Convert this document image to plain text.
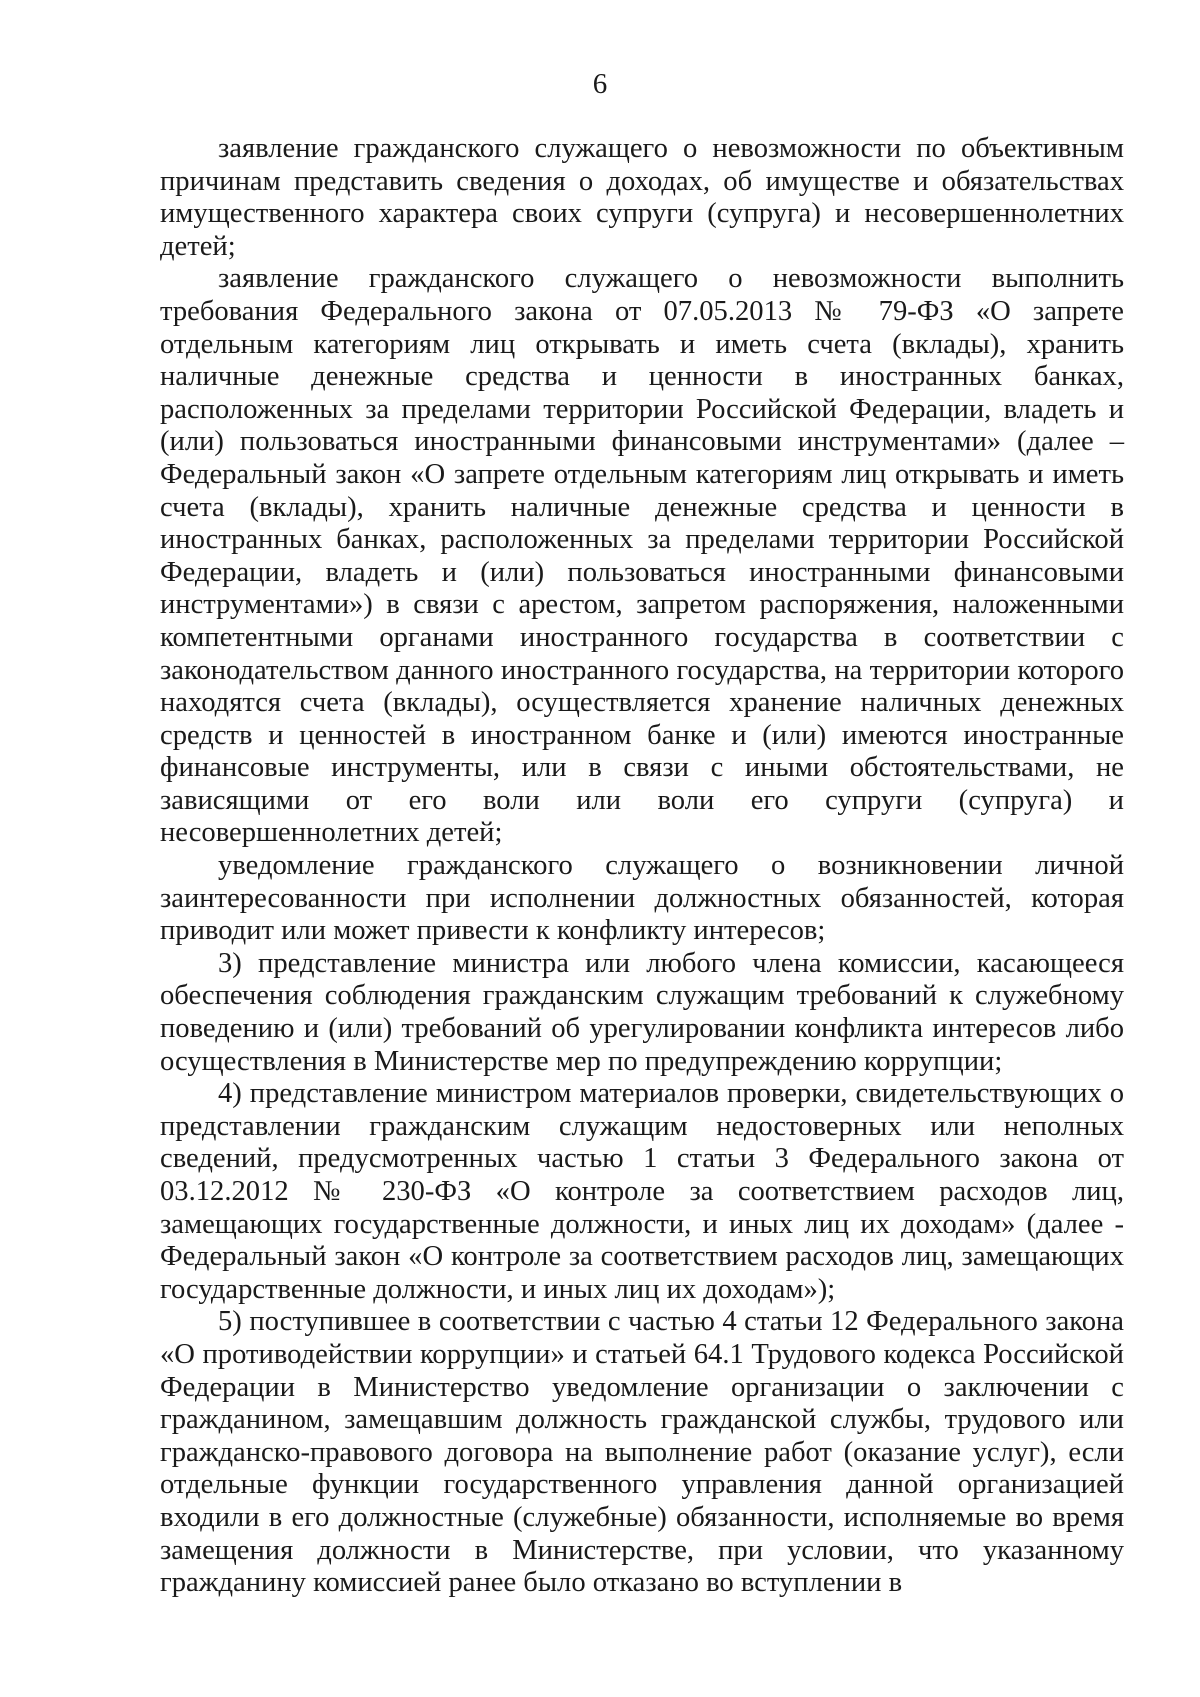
6

заявление гражданского служащего о невозможности по объективным причинам представить сведения о доходах, об имуществе и обязательствах имущественного характера своих супруги (супруга) и несовершеннолетних детей;

заявление гражданского служащего о невозможности выполнить требования Федерального закона от 07.05.2013 № 79-ФЗ «О запрете отдельным категориям лиц открывать и иметь счета (вклады), хранить наличные денежные средства и ценности в иностранных банках, расположенных за пределами территории Российской Федерации, владеть и (или) пользоваться иностранными финансовыми инструментами» (далее – Федеральный закон «О запрете отдельным категориям лиц открывать и иметь счета (вклады), хранить наличные денежные средства и ценности в иностранных банках, расположенных за пределами территории Российской Федерации, владеть и (или) пользоваться иностранными финансовыми инструментами») в связи с арестом, запретом распоряжения, наложенными компетентными органами иностранного государства в соответствии с законодательством данного иностранного государства, на территории которого находятся счета (вклады), осуществляется хранение наличных денежных средств и ценностей в иностранном банке и (или) имеются иностранные финансовые инструменты, или в связи с иными обстоятельствами, не зависящими от его воли или воли его супруги (супруга) и несовершеннолетних детей;

уведомление гражданского служащего о возникновении личной заинтересованности при исполнении должностных обязанностей, которая приводит или может привести к конфликту интересов;

3) представление министра или любого члена комиссии, касающееся обеспечения соблюдения гражданским служащим требований к служебному поведению и (или) требований об урегулировании конфликта интересов либо осуществления в Министерстве мер по предупреждению коррупции;

4) представление министром материалов проверки, свидетельствующих о представлении гражданским служащим недостоверных или неполных сведений, предусмотренных частью 1 статьи 3 Федерального закона от 03.12.2012 № 230-ФЗ «О контроле за соответствием расходов лиц, замещающих государственные должности, и иных лиц их доходам» (далее - Федеральный закон «О контроле за соответствием расходов лиц, замещающих государственные должности, и иных лиц их доходам»);

5) поступившее в соответствии с частью 4 статьи 12 Федерального закона «О противодействии коррупции» и статьей 64.1 Трудового кодекса Российской Федерации в Министерство уведомление организации о заключении с гражданином, замещавшим должность гражданской службы, трудового или гражданско-правового договора на выполнение работ (оказание услуг), если отдельные функции государственного управления данной организацией входили в его должностные (служебные) обязанности, исполняемые во время замещения должности в Министерстве, при условии, что указанному гражданину комиссией ранее было отказано во вступлении в
